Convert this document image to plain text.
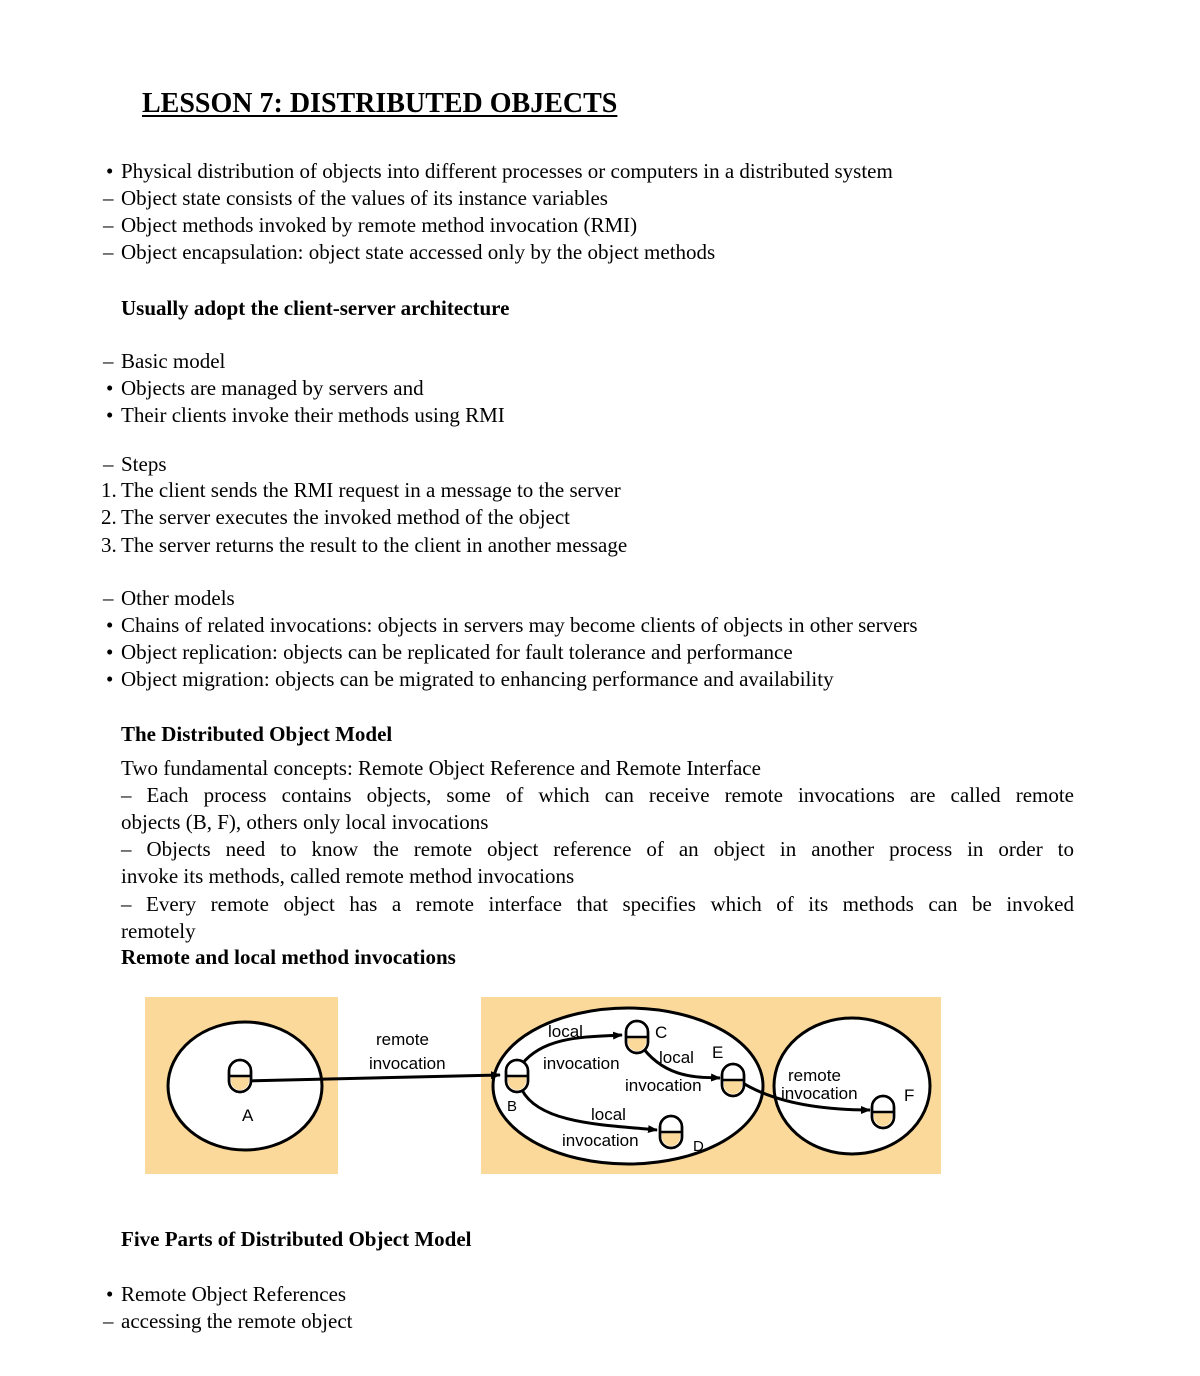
LESSON 7: DISTRIBUTED OBJECTS
• Physical distribution of objects into different processes or computers in a distributed system
– Object state consists of the values of its instance variables
– Object methods invoked by remote method invocation (RMI)
– Object encapsulation: object state accessed only by the object methods
Usually adopt the client-server architecture
– Basic model
• Objects are managed by servers and
• Their clients invoke their methods using RMI
– Steps
1. The client sends the RMI request in a message to the server
2. The server executes the invoked method of the object
3. The server returns the result to the client in another message
– Other models
• Chains of related invocations: objects in servers may become clients of objects in other servers
• Object replication: objects can be replicated for fault tolerance and performance
• Object migration: objects can be migrated to enhancing performance and availability
The Distributed Object Model
Two fundamental concepts: Remote Object Reference and Remote Interface
– Each process contains objects, some of which can receive remote invocations are called remote
objects (B, F), others only local invocations
– Objects need to know the remote object reference of an object in another process in order to
invoke its methods, called remote method invocations
– Every remote object has a remote interface that specifies which of its methods can be invoked
remotely
Remote and local method invocations
remote
invocation
local
invocation local
invocation
local
invocation
remote
invocation
A	B
C
D
E
F
Five Parts of Distributed Object Model
• Remote Object References
– accessing the remote object
